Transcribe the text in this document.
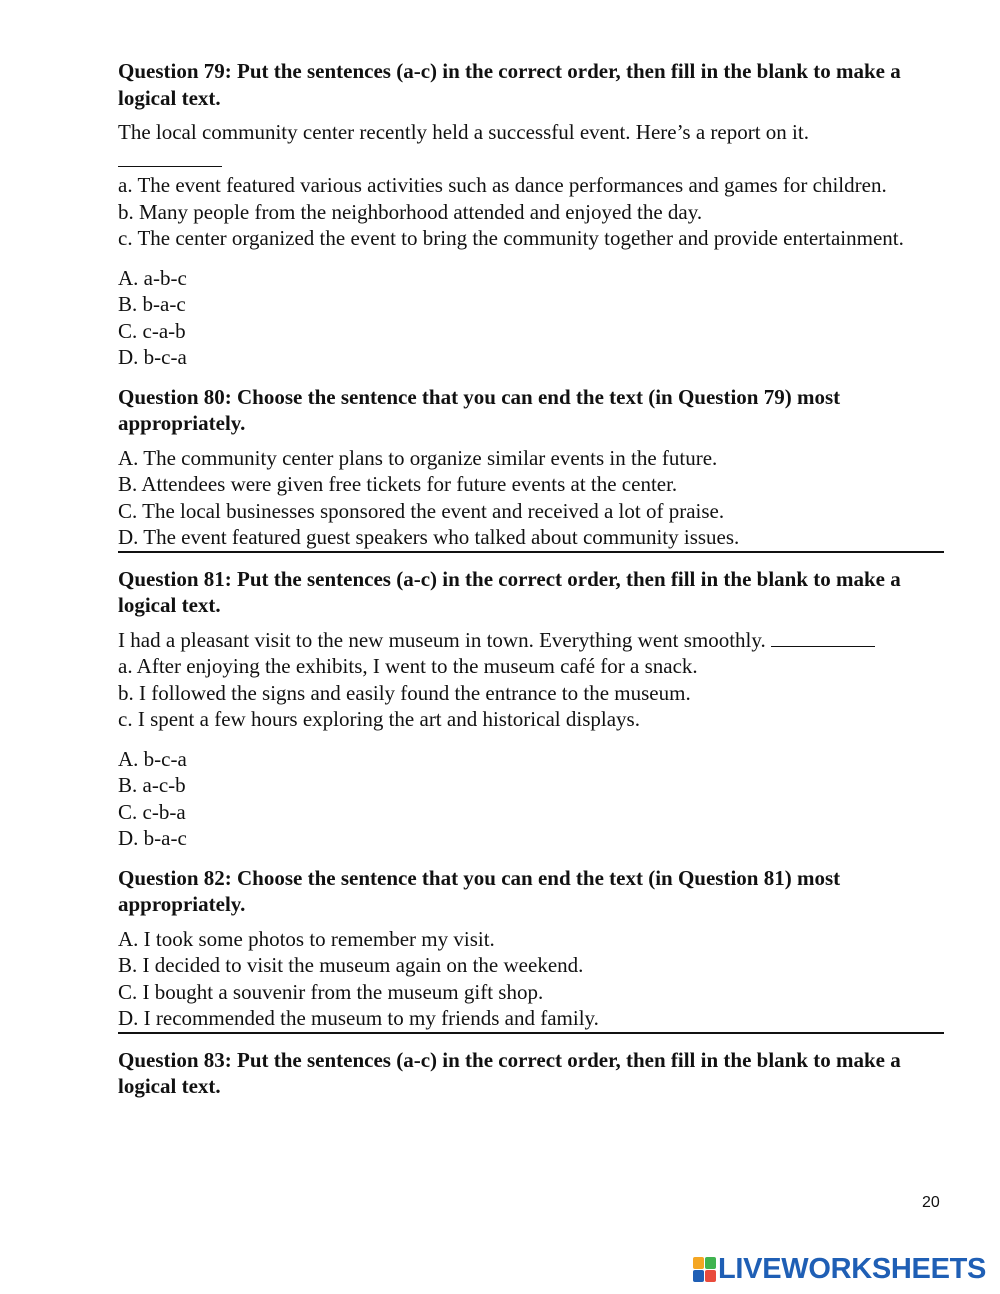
Question 79: Put the sentences (a-c) in the correct order, then fill in the blank to make a logical text.

The local community center recently held a successful event. Here’s a report on it.

a. The event featured various activities such as dance performances and games for children.

b. Many people from the neighborhood attended and enjoyed the day.

c. The center organized the event to bring the community together and provide entertainment.

A. a-b-c

B. b-a-c

C. c-a-b

D. b-c-a

Question 80: Choose the sentence that you can end the text (in Question 79) most appropriately.

A. The community center plans to organize similar events in the future.

B. Attendees were given free tickets for future events at the center.

C. The local businesses sponsored the event and received a lot of praise.

D. The event featured guest speakers who talked about community issues.

Question 81: Put the sentences (a-c) in the correct order, then fill in the blank to make a logical text.

I had a pleasant visit to the new museum in town. Everything went smoothly.

a. After enjoying the exhibits, I went to the museum café for a snack.

b. I followed the signs and easily found the entrance to the museum.

c. I spent a few hours exploring the art and historical displays.

A. b-c-a

B. a-c-b

C. c-b-a

D. b-a-c

Question 82: Choose the sentence that you can end the text (in Question 81) most appropriately.

A. I took some photos to remember my visit.

B. I decided to visit the museum again on the weekend.

C. I bought a souvenir from the museum gift shop.

D. I recommended the museum to my friends and family.

Question 83: Put the sentences (a-c) in the correct order, then fill in the blank to make a logical text.

20
LIVEWORKSHEETS
